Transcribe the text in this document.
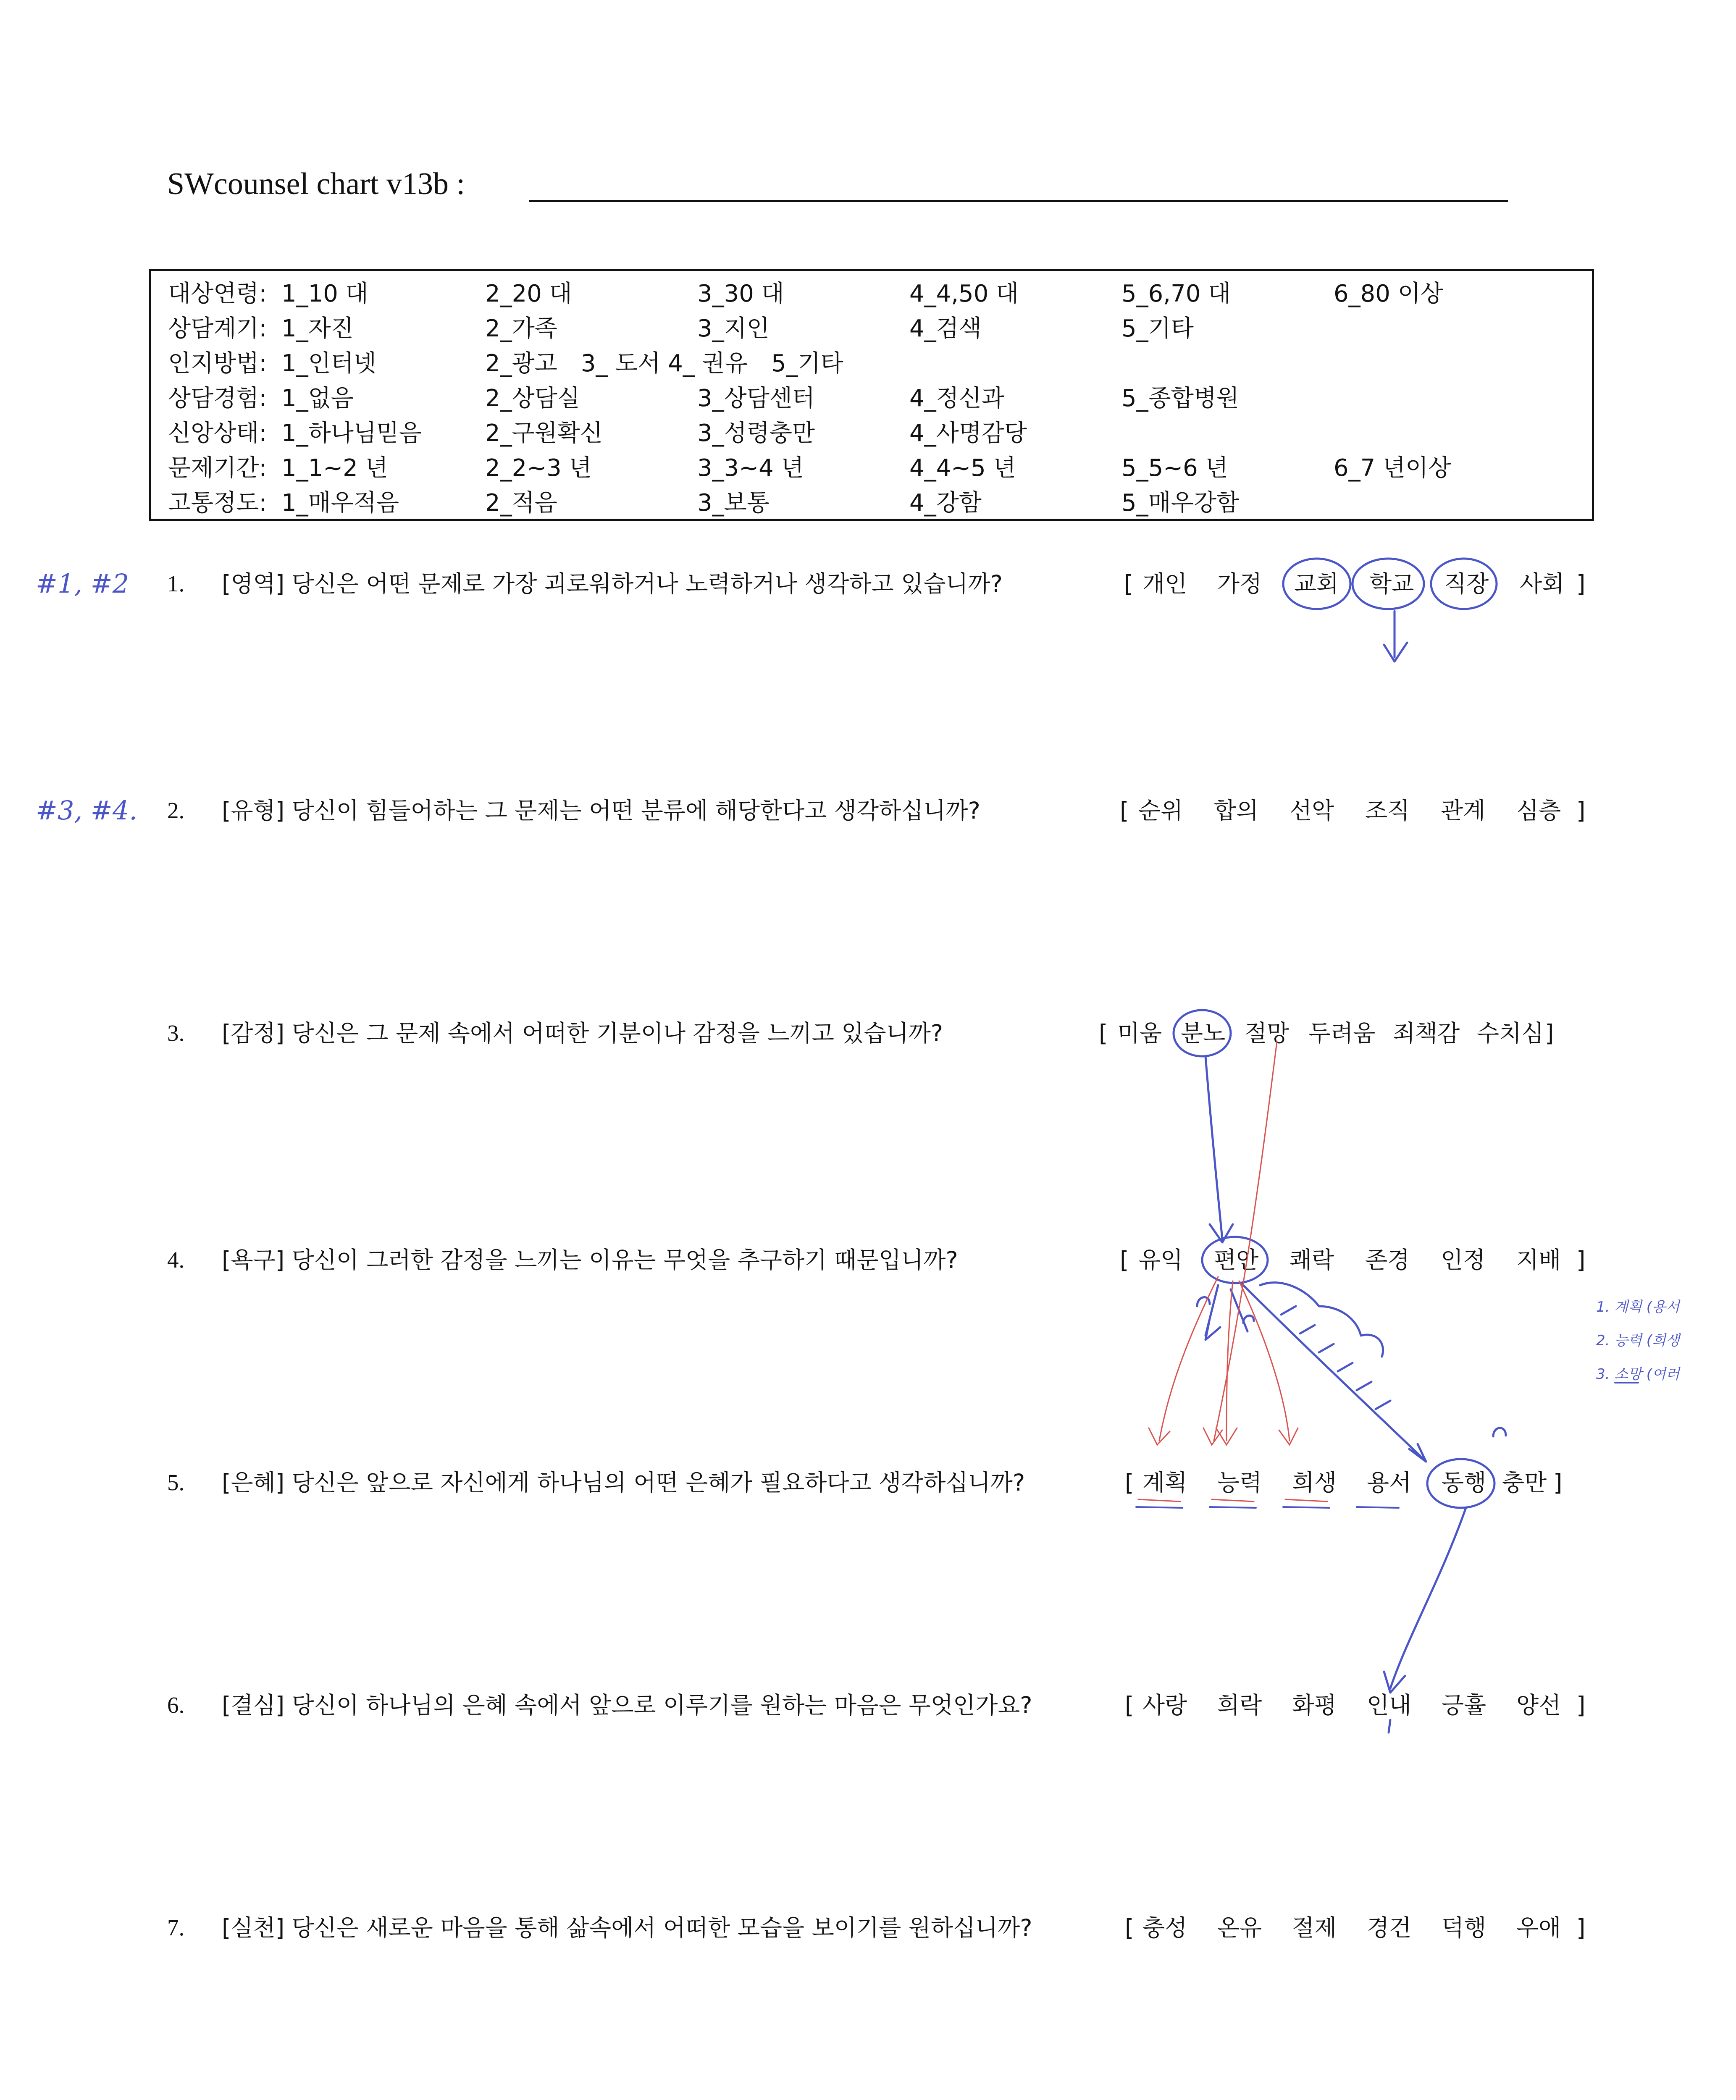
SWcounsel chart v13b :
대상연령: 1_10 대	2_20 대	3_30 대	4_4,50 대	5_6,70 대	6_80 이상
상담계기: 1_자진	2_가족	3_지인	4_검색	5_기타
인지방법: 1_인터넷	2_광고　3_ 도서 4_ 권유　5_기타
상담경험: 1_없음	2_상담실	3_상담센터	4_정신과	5_종합병원
신앙상태: 1_하나님믿음	2_구원확신	3_성령충만	4_사명감당
문제기간: 1_1~2 년	2_2~3 년	3_3~4 년	4_4~5 년	5_5~6 년	6_7 년이상
고통정도: 1_매우적음	2_적음	3_보통	4_강함	5_매우강함
#1, #2
#3, #4.
1. 계획 (용서
2. 능력 (희생
3. 소망 (여러
1. [영역] 당신은 어떤 문제로 가장 괴로워하거나 노력하거나 생각하고 있습니까?	[ 개인 가정 교회 학교 직장 사회 ]
2. [유형] 당신이 힘들어하는 그 문제는 어떤 분류에 해당한다고 생각하십니까?	[ 순위 합의 선악 조직 관계 심층 ]
3. [감정] 당신은 그 문제 속에서 어떠한 기분이나 감정을 느끼고 있습니까?	[ 미움 분노 절망 두려움 죄책감 수치심 ]
4. [욕구] 당신이 그러한 감정을 느끼는 이유는 무엇을 추구하기 때문입니까?	[ 유익 편안 쾌락 존경 인정 지배 ]
5. [은혜] 당신은 앞으로 자신에게 하나님의 어떤 은혜가 필요하다고 생각하십니까?	[ 계획 능력 희생 용서 동행 충만 ]
6. [결심] 당신이 하나님의 은혜 속에서 앞으로 이루기를 원하는 마음은 무엇인가요?	[ 사랑 희락 화평 인내 긍휼 양선 ]
7. [실천] 당신은 새로운 마음을 통해 삶속에서 어떠한 모습을 보이기를 원하십니까?	[ 충성 온유 절제 경건 덕행 우애 ]
